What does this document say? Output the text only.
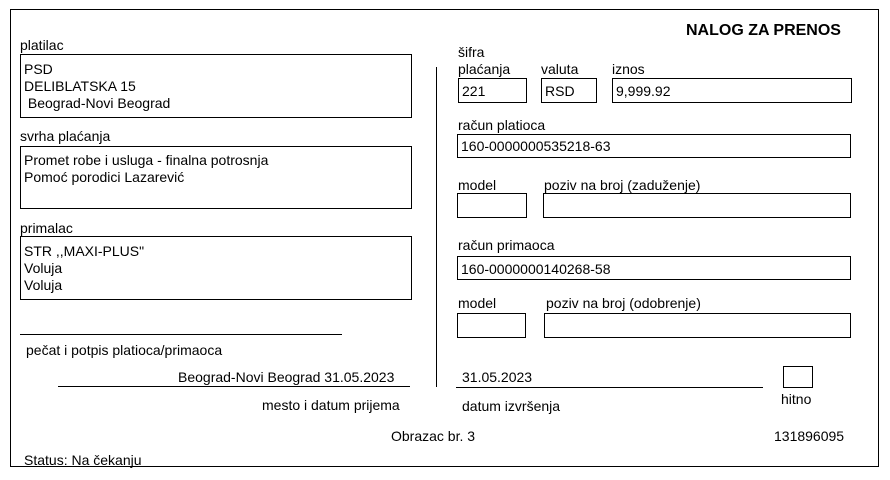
NALOG ZA PRENOS
platilac
PSD
DELIBLATSKA 15
Beograd-Novi Beograd
svrha plaćanja
Promet robe i usluga - finalna potrosnja
Pomoć porodici Lazarević
primalac
STR ,,MAXI-PLUS"
Voluja
Voluja
pečat i potpis platioca/primaoca
Beograd-Novi Beograd 31.05.2023
mesto i datum prijema
šifra
plaćanja valuta iznos
221	RSD	9,999.92
račun platioca
160-0000000535218-63
model	poziv na broj (zaduženje)
račun primaoca
160-0000000140268-58
model	poziv na broj (odobrenje)
31.05.2023
datum izvršenja	hitno
Obrazac br. 3	131896095
Status: Na čekanju
